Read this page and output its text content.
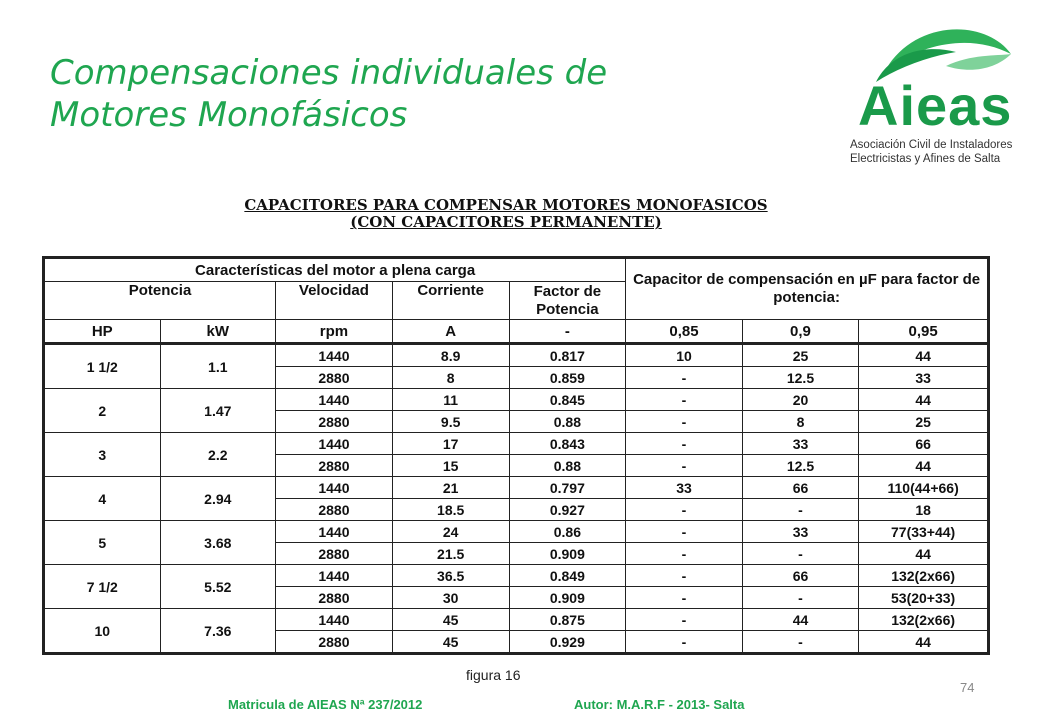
Compensaciones individuales de
Motores Monofásicos	Aieas
Asociación Civil de Instaladores
Electricistas y Afines de Salta
CAPACITORES PARA COMPENSAR MOTORES MONOFASICOS
(CON CAPACITORES PERMANENTE)
Características del motor a plena carga					Capacitor de compensación en µF para factor de potencia:		
Potencia		Velocidad	Corriente	Factor de Potencia			
HP	kW	rpm	A	-	0,85	0,9	0,95
1 1/2	1.1	1440	8.9	0.817	10	25	44
		2880	8	0.859	-	12.5	33
2	1.47	1440	11	0.845	-	20	44
		2880	9.5	0.88	-	8	25
3	2.2	1440	17	0.843	-	33	66
		2880	15	0.88	-	12.5	44
4	2.94	1440	21	0.797	33	66	110(44+66)
		2880	18.5	0.927	-	-	18
5	3.68	1440	24	0.86	-	33	77(33+44)
		2880	21.5	0.909	-	-	44
7 1/2	5.52	1440	36.5	0.849	-	66	132(2x66)
		2880	30	0.909	-	-	53(20+33)
10	7.36	1440	45	0.875	-	44	132(2x66)
		2880	45	0.929	-	-	44
figura 16
74
Matricula de AIEAS Nª 237/2012	Autor: M.A.R.F - 2013- Salta
